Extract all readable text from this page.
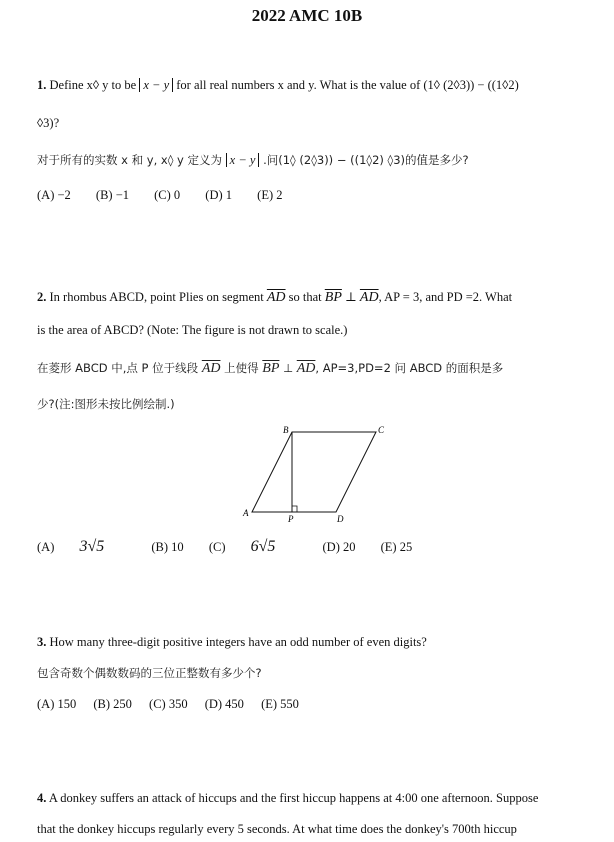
2022 AMC 10B
1. Define x◊ y to be x − y for all real numbers x and y. What is the value of (1◊ (2◊3)) − ((1◊2)
◊3)?
对于所有的实数 x 和 y, x◊ y 定义为 x − y .问(1◊ (2◊3)) − ((1◊2) ◊3)的值是多少?
(A) −2 (B) −1 (C) 0 (D) 1 (E) 2
2. In rhombus ABCD, point Plies on segment $\overline{AD}$ so that $\overline{BP}$ ⊥ $\overline{AD}$, AP = 3, and PD =2. What
is the area of ABCD? (Note: The figure is not drawn to scale.)
在菱形 ABCD 中,点 P 位于线段 $\overline{AD}$ 上使得 $\overline{BP}$ ⊥ $\overline{AD}$, AP=3,PD=2 问 ABCD 的面积是多
少?(注:图形未按比例绘制.)
A
B	C
D
P
(A) 3√5	(B) 10 (C) 6√5	(D) 20 (E) 25
3. How many three-digit positive integers have an odd number of even digits?
包含奇数个偶数数码的三位正整数有多少个?
(A) 150 (B) 250 (C) 350 (D) 450 (E) 550
4. A donkey suffers an attack of hiccups and the first hiccup happens at 4:00 one afternoon. Suppose
that the donkey hiccups regularly every 5 seconds. At what time does the donkey's 700th hiccup
